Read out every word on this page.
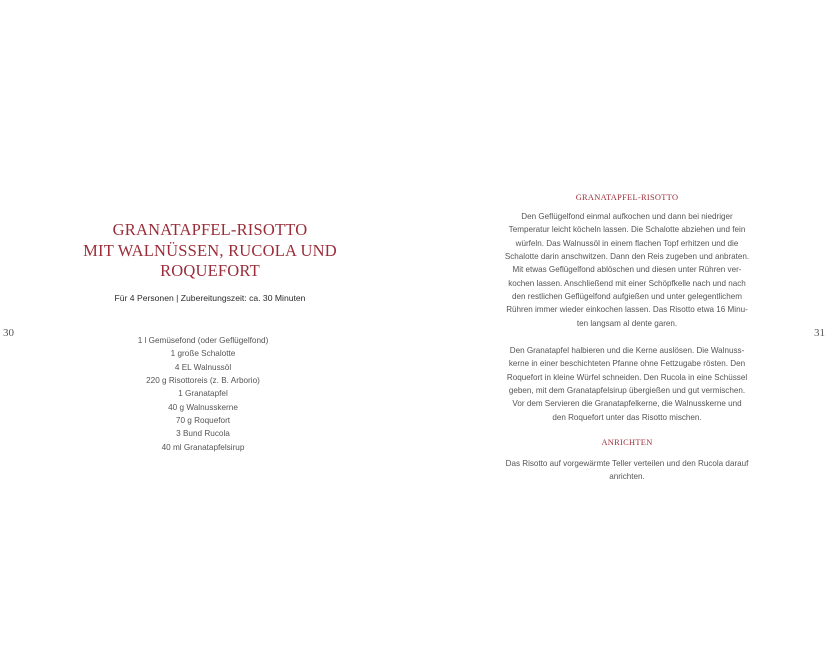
30	31
GRANATAPFEL-RISOTTO
MIT WALNÜSSEN, RUCOLA UND
ROQUEFORT
Für 4 Personen | Zubereitungszeit: ca. 30 Minuten
1 l Gemüsefond (oder Geflügelfond)
1 große Schalotte
4 EL Walnussöl
220 g Risottoreis (z. B. Arborio)
1 Granatapfel
40 g Walnusskerne
70 g Roquefort
3 Bund Rucola
40 ml Granatapfelsirup
GRANATAPFEL-RISOTTO
Den Geflügelfond einmal aufkochen und dann bei niedriger
Temperatur leicht köcheln lassen. Die Schalotte abziehen und fein
würfeln. Das Walnussöl in einem flachen Topf erhitzen und die
Schalotte darin anschwitzen. Dann den Reis zugeben und anbraten.
Mit etwas Geflügelfond ablöschen und diesen unter Rühren ver-
kochen lassen. Anschließend mit einer Schöpfkelle nach und nach
den restlichen Geflügelfond aufgießen und unter gelegentlichem
Rühren immer wieder einkochen lassen. Das Risotto etwa 16 Minu-
ten langsam al dente garen.
Den Granatapfel halbieren und die Kerne auslösen. Die Walnuss-
kerne in einer beschichteten Pfanne ohne Fettzugabe rösten. Den
Roquefort in kleine Würfel schneiden. Den Rucola in eine Schüssel
geben, mit dem Granatapfelsirup übergießen und gut vermischen.
Vor dem Servieren die Granatapfelkerne, die Walnusskerne und
den Roquefort unter das Risotto mischen.
ANRICHTEN
Das Risotto auf vorgewärmte Teller verteilen und den Rucola darauf
anrichten.
